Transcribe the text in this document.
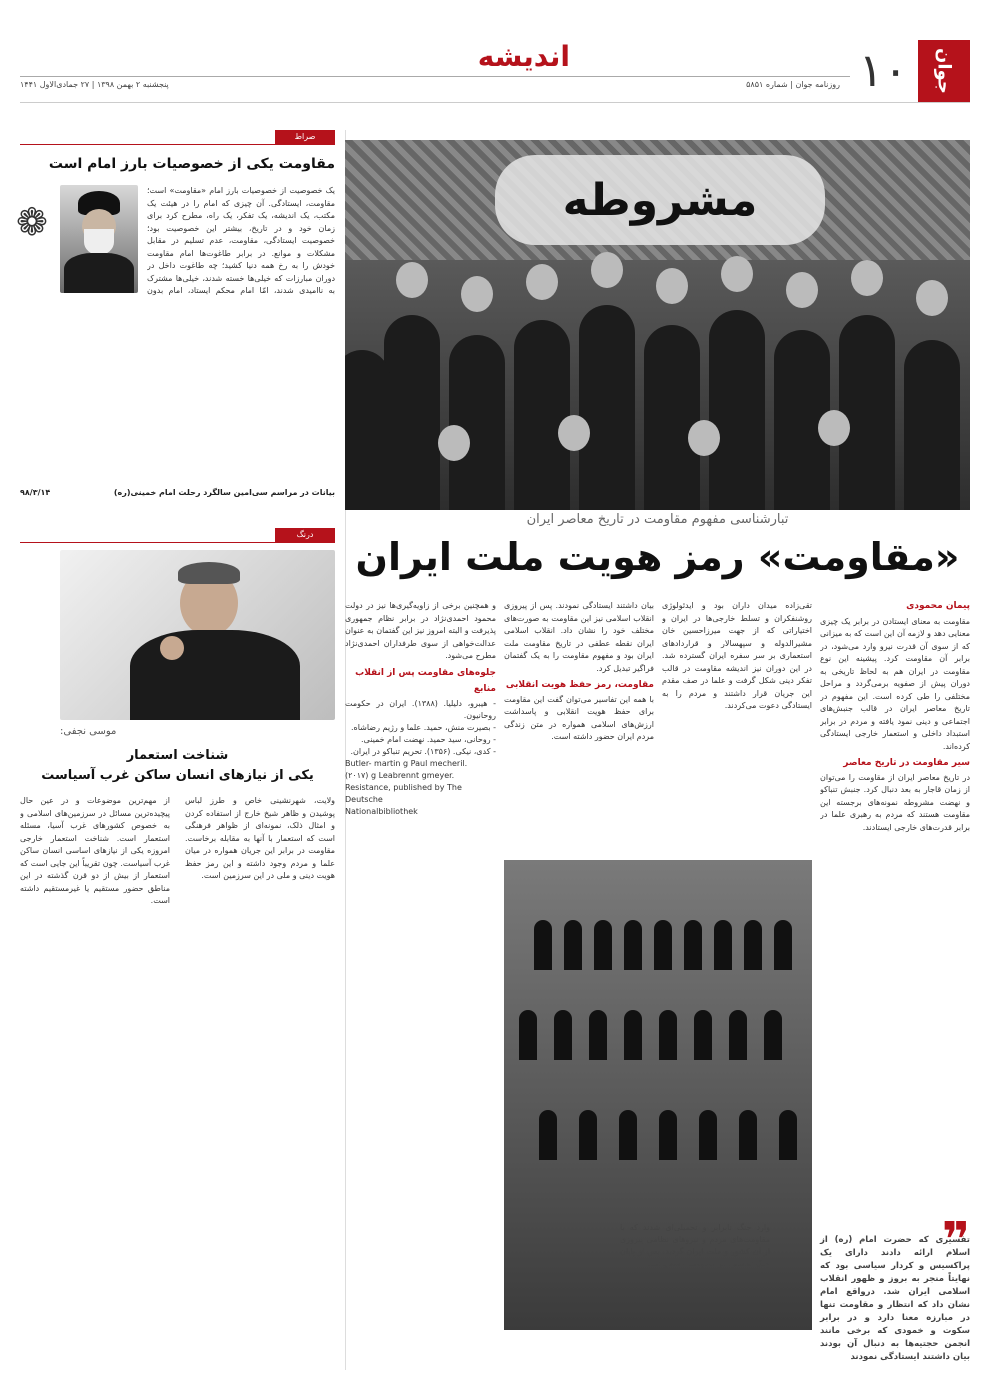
جوان
۱۰
اندیشه
روزنامه جوان | شماره ۵۸۵۱
پنجشنبه ۲ بهمن ۱۳۹۸ | ۲۷ جمادی‌الاول ۱۴۴۱
مشروطه
تبارشناسی مفهوم مقاومت در تاریخ معاصر ایران
«مقاومت» رمز هویت ملت ایران
پیمان محمودی

مقاومت به معنای ایستادن در برابر یک چیزی معنایی دهد و لازمه آن این است که به میزانی که از سوی آن قدرت نیرو وارد می‌شود، در برابر آن مقاومت کرد. پیشینه این نوع مقاومت در ایران هم به لحاظ تاریخی به دوران پیش از صفویه برمی‌گردد و مراحل مختلفی را طی کرده است. این مفهوم در تاریخ معاصر ایران در قالب جنبش‌های اجتماعی و دینی نمود یافته و مردم در برابر استبداد داخلی و استعمار خارجی ایستادگی کرده‌اند.

سیر مقاومت در تاریخ معاصر

در تاریخ معاصر ایران از مقاومت را می‌توان از زمان قاجار به بعد دنبال کرد. جنبش تنباکو و نهضت مشروطه نمونه‌های برجسته این مقاومت هستند که مردم به رهبری علما در برابر قدرت‌های خارجی ایستادند.

تقی‌زاده میدان داران بود و ایدئولوژی روشنفکران و تسلط خارجی‌ها در ایران و اختیاراتی که از جهت میرزاحسین خان مشیرالدوله و سپهسالار و قراردادهای استعماری بر سر سفره ایران گسترده شد. در این دوران نیز اندیشه مقاومت در قالب تفکر دینی شکل گرفت و علما در صف مقدم این جریان قرار داشتند و مردم را به ایستادگی دعوت می‌کردند.

بیان داشتند ایستادگی نمودند. پس از پیروزی انقلاب اسلامی نیز این مقاومت به صورت‌های مختلف خود را نشان داد. انقلاب اسلامی ایران نقطه عطفی در تاریخ مقاومت ملت ایران بود و مفهوم مقاومت را به یک گفتمان فراگیر تبدیل کرد.

مقاومت، رمز حفظ هویت انقلابی

با همه این تفاسیر می‌توان گفت این مقاومت برای حفظ هویت انقلابی و پاسداشت ارزش‌های اسلامی همواره در متن زندگی مردم ایران حضور داشته است.

و همچنین برخی از زاویه‌گیری‌ها نیز در دولت محمود احمدی‌نژاد در برابر نظام جمهوری پذیرفت و البته امروز نیز این گفتمان به عنوان عدالت‌خواهی از سوی طرفداران احمدی‌نژاد مطرح می‌شود.

جلوه‌های مقاومت پس از انقلاب
منابع
- هیبرو، دلیلیا. (۱۳۸۸). ایران در حکومت روحانیون.
- بصیرت منش، حمید. علما و رژیم رضاشاه.
- روحانی، سید حمید. نهضت امام خمینی.
- کدی، نیکی. (۱۳۵۶). تحریم تنباکو در ایران.
Butler- martin g Paul mecheril.
(۲۰۱۷) g Leabrennt gmeyer.
Resistance, published by The Deutsche
Nationalbibliothek
❞
تفسیری که حضرت امام (ره) از اسلام ارائه دادند دارای یک پراکسیس و کردار سیاسی بود که نهایتاً منجر به بروز و ظهور انقلاب اسلامی ایران شد. درواقع امام نشان داد که انتظار و مقاومت تنها در مبارزه معنا دارد و در برابر سکوت و خمودی که برخی مانند انجمن حجتیه‌ها به دنبال آن بودند بیان داشتند ایستادگی نمودند
وارد جنگ نابرابر و تحمیلی‌ای شدند که با مقاومت‌های مردم و نیروهای نظامی پیروزی از آن کشور و ملت ایران گردید. پس از پایان جنگ تحمیلی نیز مقاومت ادامه یافت.
صراط
مقاومت یکی از خصوصیات بارز امام است
❁

یک خصوصیت از خصوصیات بارز امام «مقاومت» است؛ مقاومت، ایستادگی. آن چیزی که امام را در هیئت یک مکتب، یک اندیشه، یک تفکر، یک راه، مطرح کرد برای زمان خود و در تاریخ، بیشتر این خصوصیت بود؛ خصوصیت ایستادگی، مقاومت، عدم تسلیم در مقابل مشکلات و موانع. در برابر طاغوت‌ها امام مقاومت خودش را به رخ همه دنیا کشید؛ چه طاغوت داخل در دوران مبارزات که خیلی‌ها خسته شدند، خیلی‌ها مشترک به ناامیدی شدند، امّا امام محکم ایستاد، امام بدون

بیانات در مراسم سی‌امین سالگرد رحلت امام خمینی(ره)
۹۸/۳/۱۴
درنگ
موسی نجفی:
شناخت استعمار
یکی از نیازهای انسان ساکن غرب آسیاست

از مهم‌ترین موضوعات و در عین حال پیچیده‌ترین مسائل در سرزمین‌های اسلامی و به خصوص کشورهای غرب آسیا، مسئله استعمار است. شناخت استعمار خارجی امروزه یکی از نیازهای اساسی انسان ساکن غرب آسیاست. چون تقریباً این جایی است که استعمار از بیش از دو قرن گذشته در این مناطق حضور مستقیم یا غیرمستقیم داشته است.

ولایت، شهرنشینی خاص و طرز لباس پوشیدن و ظاهر شیخ خارج از استفاده کردن و امثال ذلک، نمونه‌ای از ظواهر فرهنگی است که استعمار با آنها به مقابله برخاست. مقاومت در برابر این جریان همواره در میان علما و مردم وجود داشته و این رمز حفظ هویت دینی و ملی در این سرزمین است.
